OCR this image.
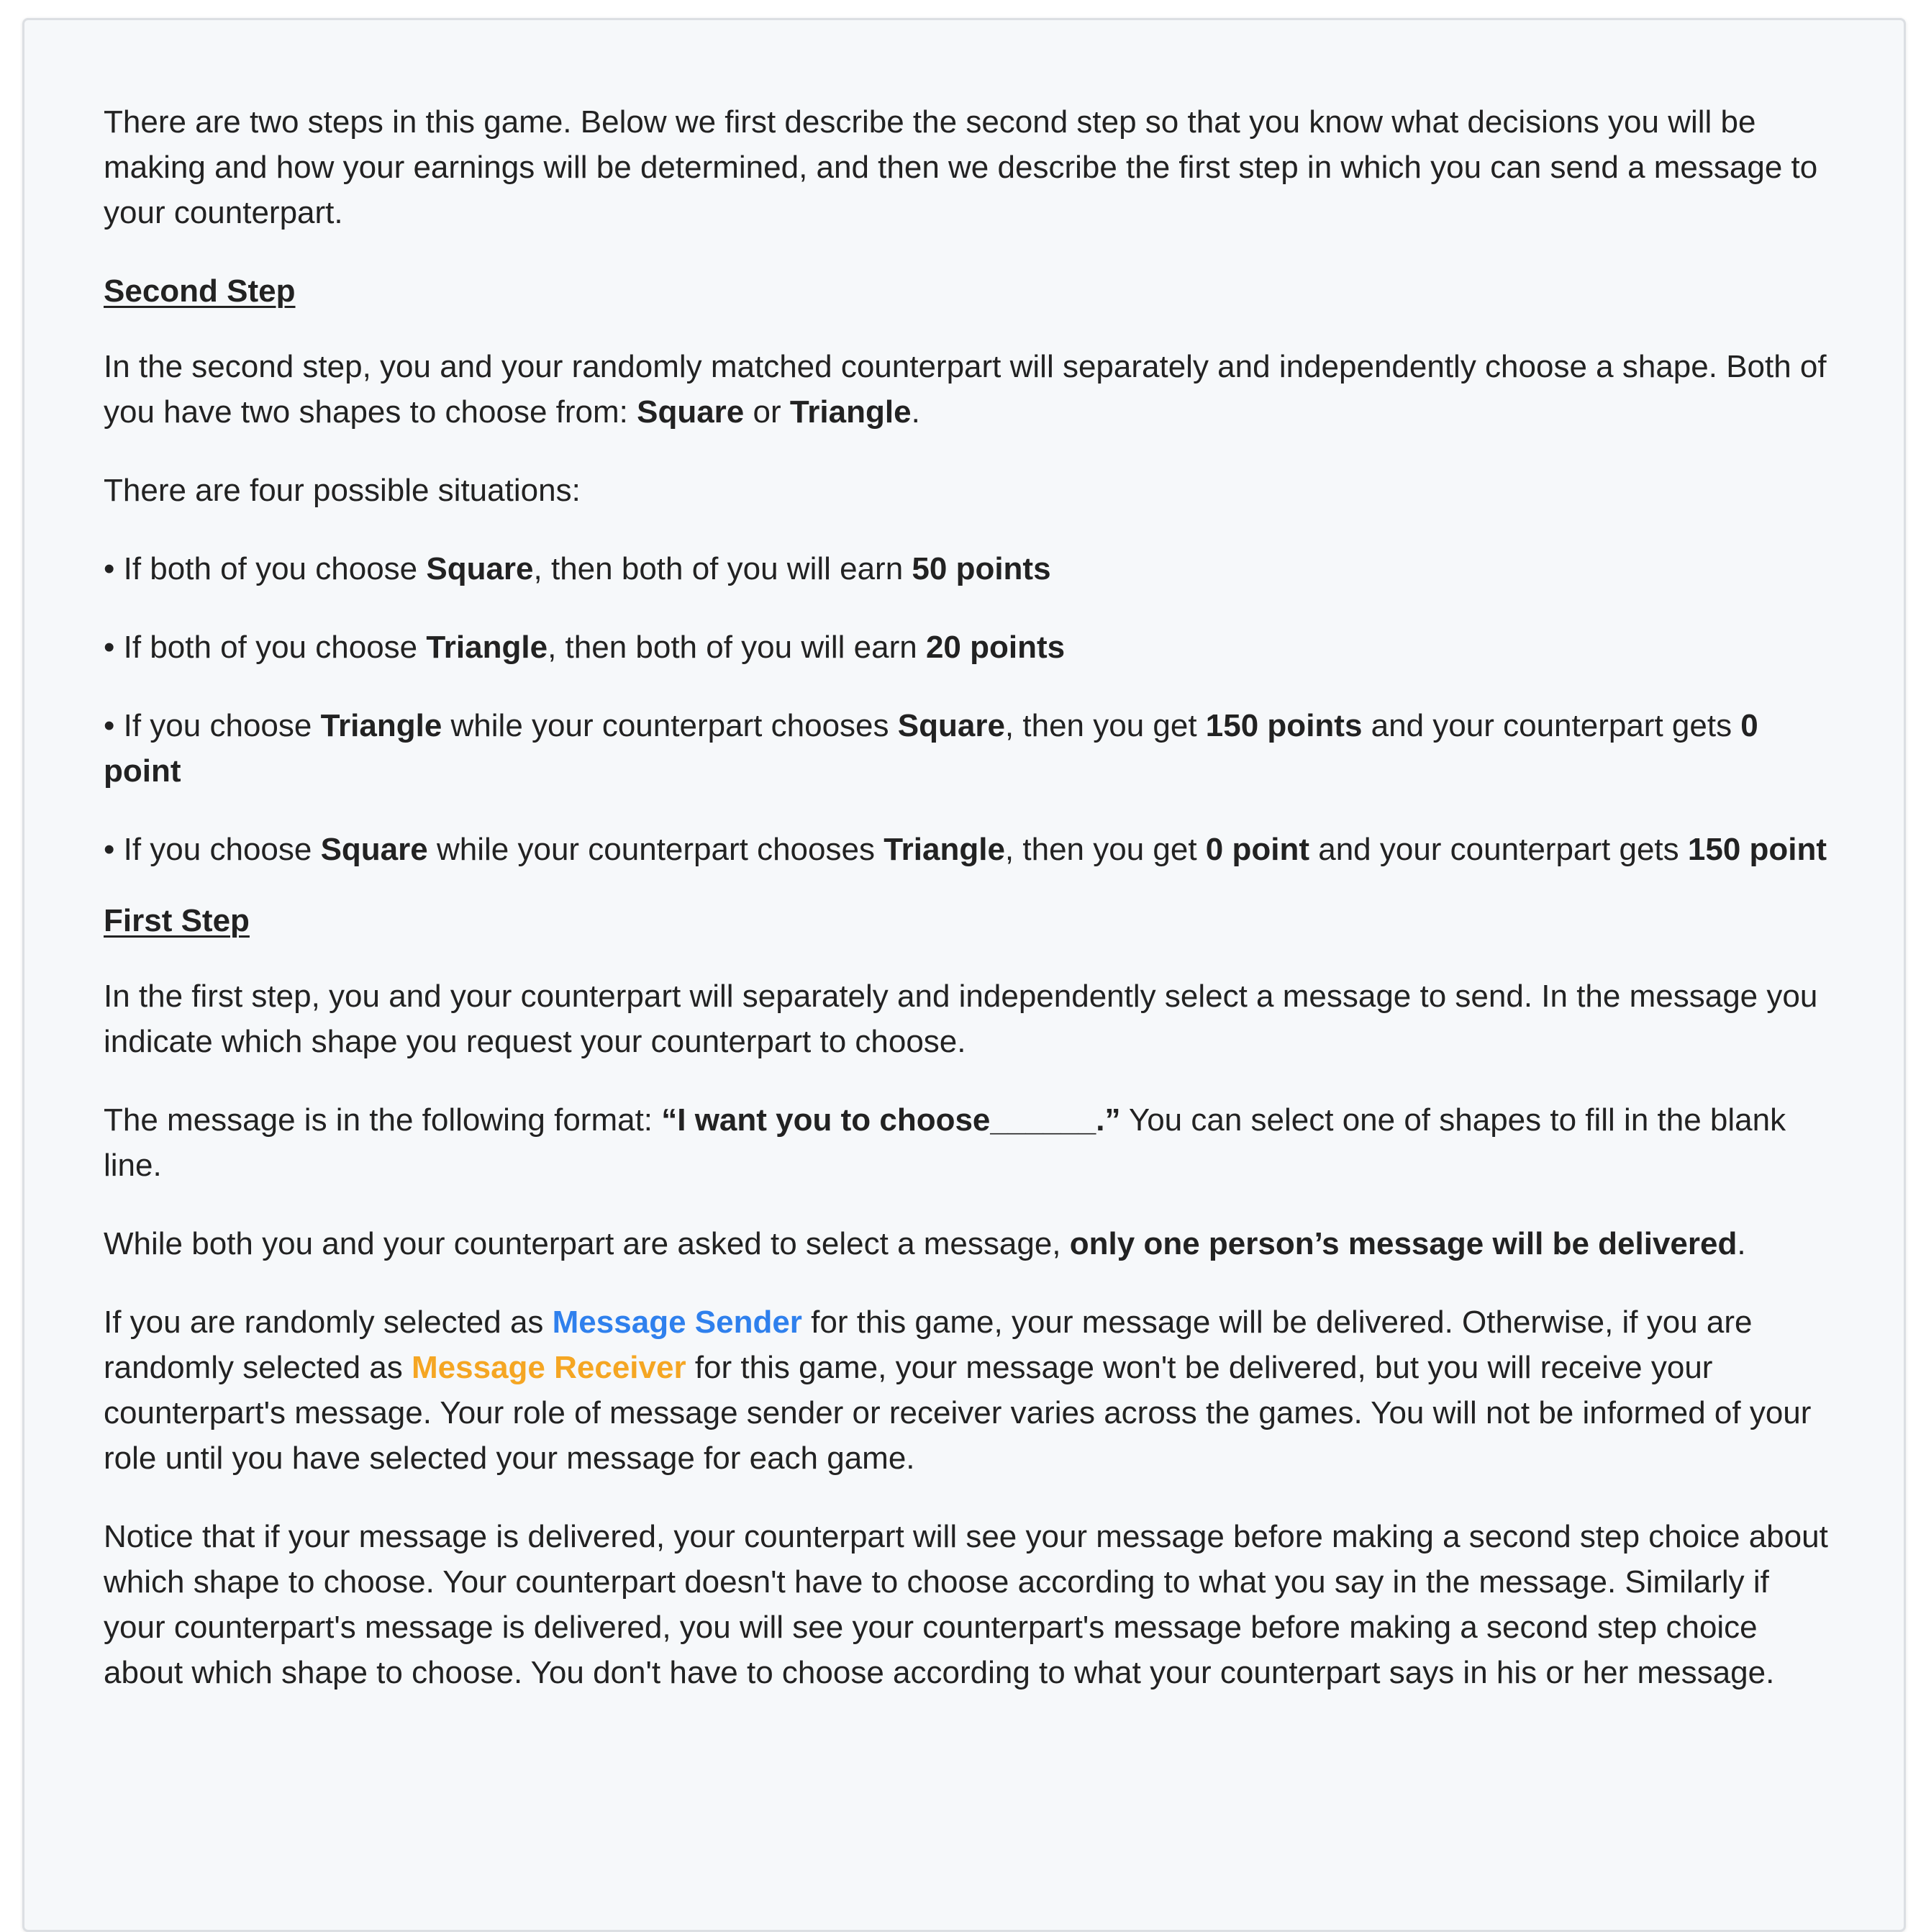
There are two steps in this game. Below we first describe the second step so that you know what decisions you will be making and how your earnings will be determined, and then we describe the first step in which you can send a message to your counterpart.

Second Step

In the second step, you and your randomly matched counterpart will separately and independently choose a shape. Both of you have two shapes to choose from: Square or Triangle.

There are four possible situations:

• If both of you choose Square, then both of you will earn 50 points

• If both of you choose Triangle, then both of you will earn 20 points

• If you choose Triangle while your counterpart chooses Square, then you get 150 points and your counterpart gets 0 point

• If you choose Square while your counterpart chooses Triangle, then you get 0 point and your counterpart gets 150 point

First Step

In the first step, you and your counterpart will separately and independently select a message to send. In the message you indicate which shape you request your counterpart to choose.

The message is in the following format: “I want you to choose______.” You can select one of shapes to fill in the blank line.

While both you and your counterpart are asked to select a message, only one person’s message will be delivered.

If you are randomly selected as Message Sender for this game, your message will be delivered. Otherwise, if you are randomly selected as Message Receiver for this game, your message won't be delivered, but you will receive your counterpart's message. Your role of message sender or receiver varies across the games. You will not be informed of your role until you have selected your message for each game.

Notice that if your message is delivered, your counterpart will see your message before making a second step choice about which shape to choose. Your counterpart doesn't have to choose according to what you say in the message. Similarly if your counterpart's message is delivered, you will see your counterpart's message before making a second step choice about which shape to choose. You don't have to choose according to what your counterpart says in his or her message.
